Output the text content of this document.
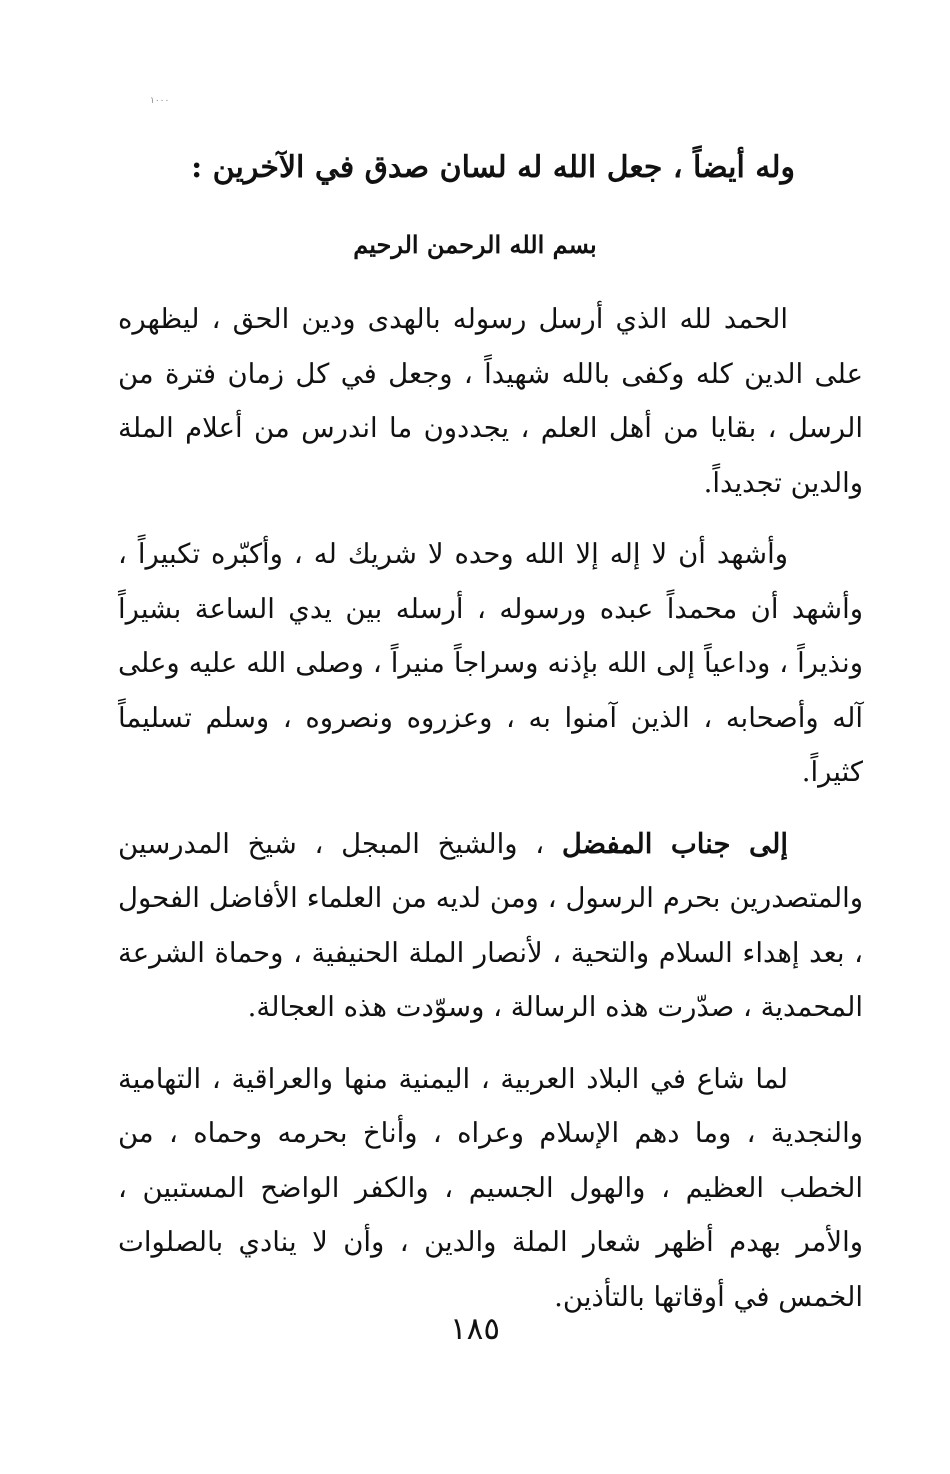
١٠٠٠
وله أيضاً ، جعل الله له لسان صدق في الآخرين :
بسم الله الرحمن الرحيم

الحمد لله الذي أرسل رسوله بالهدى ودين الحق ، ليظهره على الدين كله وكفى بالله شهيداً ، وجعل في كل زمان فترة من الرسل ، بقايا من أهل العلم ، يجددون ما اندرس من أعلام الملة والدين تجديداً.

وأشهد أن لا إله إلا الله وحده لا شريك له ، وأكبّره تكبيراً ، وأشهد أن محمداً عبده ورسوله ، أرسله بين يدي الساعة بشيراً ونذيراً ، وداعياً إلى الله بإذنه وسراجاً منيراً ، وصلى الله عليه وعلى آله وأصحابه ، الذين آمنوا به ، وعزروه ونصروه ، وسلم تسليماً كثيراً.

إلى جناب المفضل ، والشيخ المبجل ، شيخ المدرسين والمتصدرين بحرم الرسول ، ومن لديه من العلماء الأفاضل الفحول ، بعد إهداء السلام والتحية ، لأنصار الملة الحنيفية ، وحماة الشرعة المحمدية ، صدّرت هذه الرسالة ، وسوّدت هذه العجالة.

لما شاع في البلاد العربية ، اليمنية منها والعراقية ، التهامية والنجدية ، وما دهم الإسلام وعراه ، وأناخ بحرمه وحماه ، من الخطب العظيم ، والهول الجسيم ، والكفر الواضح المستبين ، والأمر بهدم أظهر شعار الملة والدين ، وأن لا ينادي بالصلوات الخمس في أوقاتها بالتأذين.

١٨٥
